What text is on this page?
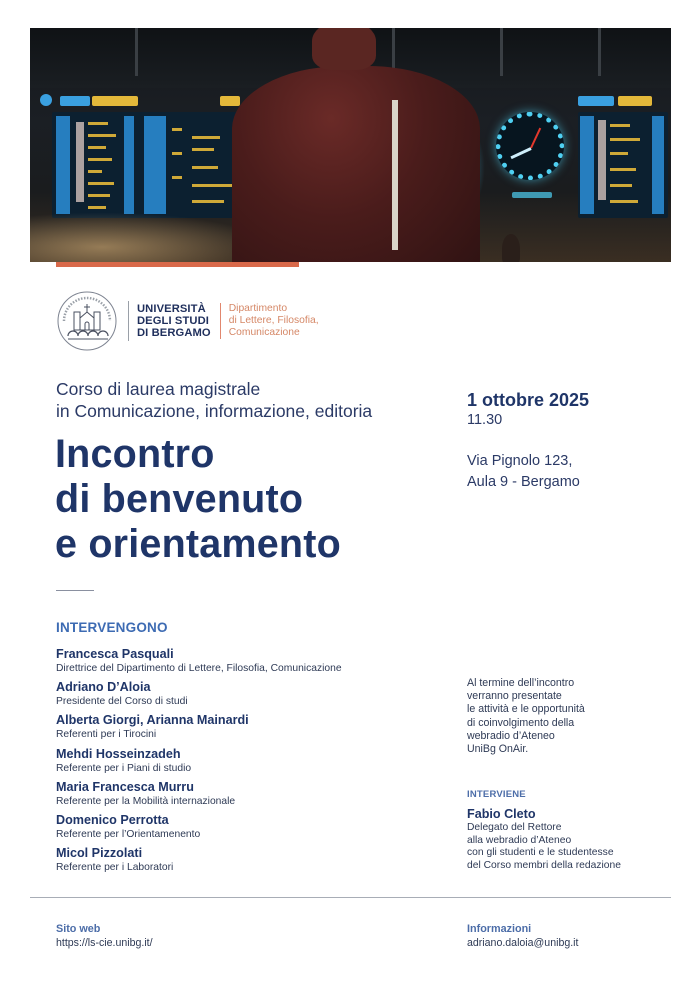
UNIVERSITÀ
DEGLI STUDI
DI BERGAMO
Dipartimento
di Lettere, Filosofia,
Comunicazione
Corso di laurea magistrale
in Comunicazione, informazione, editoria
Incontro
di benvenuto
e orientamento
1 ottobre 2025
11.30
Via Pignolo 123,
Aula 9 - Bergamo
INTERVENGONO
Francesca Pasquali
Direttrice del Dipartimento di Lettere, Filosofia, Comunicazione
Adriano D’Aloia
Presidente del Corso di studi
Alberta Giorgi, Arianna Mainardi
Referenti per i Tirocini
Mehdi Hosseinzadeh
Referente per i Piani di studio
Maria Francesca Murru
Referente per la Mobilità internazionale
Domenico Perrotta
Referente per l’Orientamenento
Micol Pizzolati
Referente per i Laboratori
Al termine dell’incontro
verranno presentate
le attività e le opportunità
di coinvolgimento della
webradio d’Ateneo
UniBg OnAir.
INTERVIENE
Fabio Cleto
Delegato del Rettore
alla webradio d’Ateneo
con gli studenti e le studentesse
del Corso membri della redazione
Sito web
https://ls-cie.unibg.it/
Informazioni
adriano.daloia@unibg.it
